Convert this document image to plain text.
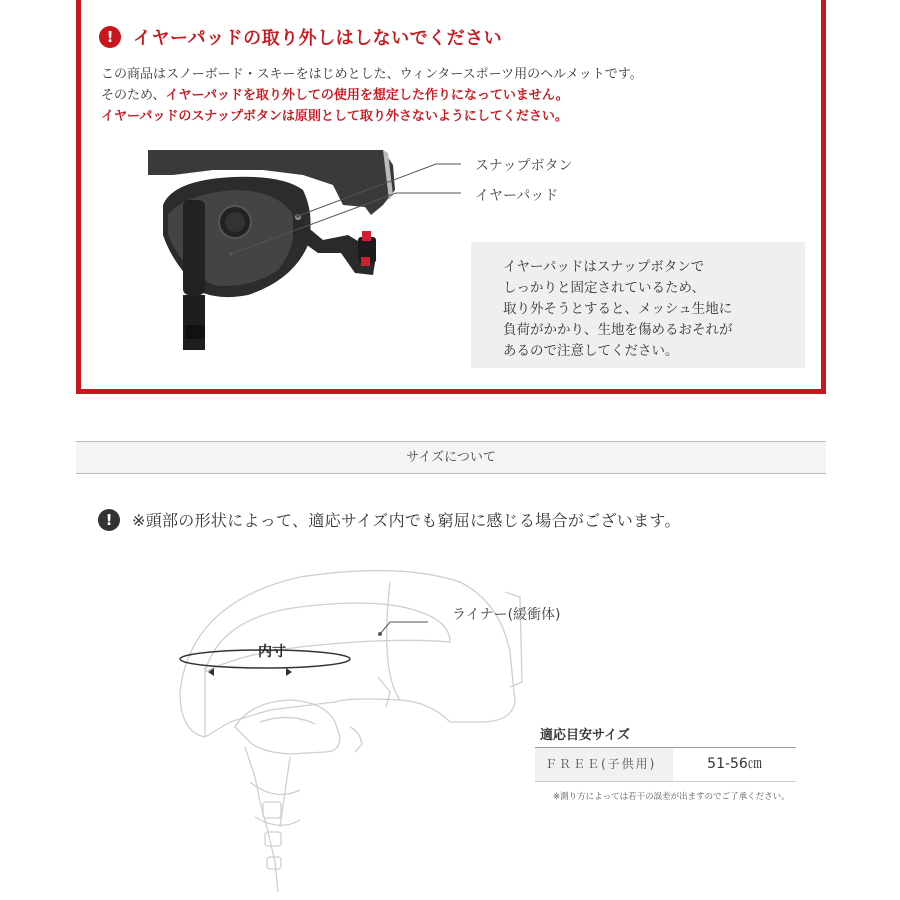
!	イヤーパッドの取り外しはしないでください
この商品はスノーボード・スキーをはじめとした、ウィンタースポーツ用のヘルメットです。
そのため、イヤーパッドを取り外しての使用を想定した作りになっていません。
イヤーパッドのスナップボタンは原則として取り外さないようにしてください。
スナップボタン
イヤーパッド
イヤーパッドはスナップボタンで
しっかりと固定されているため、
取り外そうとすると、メッシュ生地に
負荷がかかり、生地を傷めるおそれが
あるので注意してください。
サイズについて
!	※頭部の形状によって、適応サイズ内でも窮屈に感じる場合がございます。
内寸
ライナー(緩衝体)
適応目安サイズ
ＦＲＥＥ(子供用)	51-56㎝
※測り方によっては若干の誤差が出ますのでご了承ください。
